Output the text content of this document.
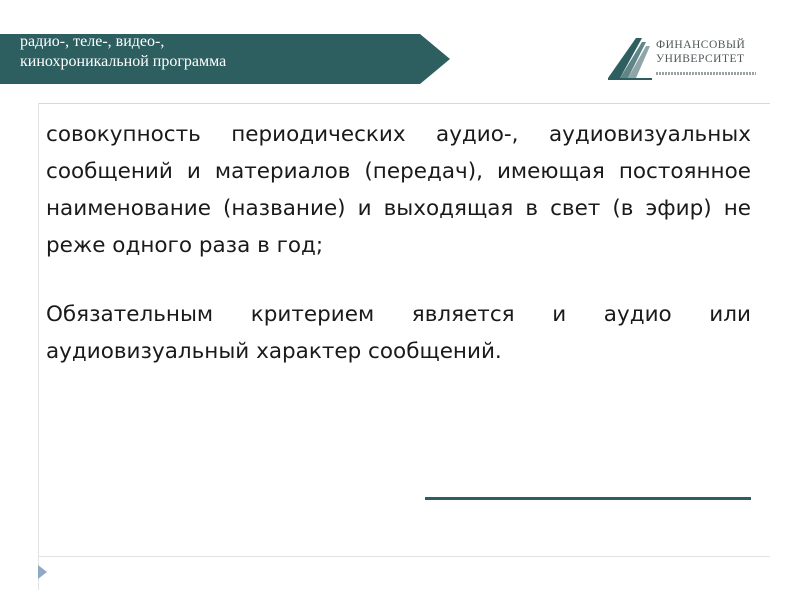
радио-, теле-, видео-,
кинохроникальной программа
ФИНАНСОВЫЙ
УНИВЕРСИТЕТ

совокупность периодических аудио-, аудиовизуальных сообщений и материалов (передач), имеющая постоянное наименование (название) и выходящая в свет (в эфир) не реже одного раза в год;

Обязательным критерием является и аудио или аудиовизуальный характер сообщений.
